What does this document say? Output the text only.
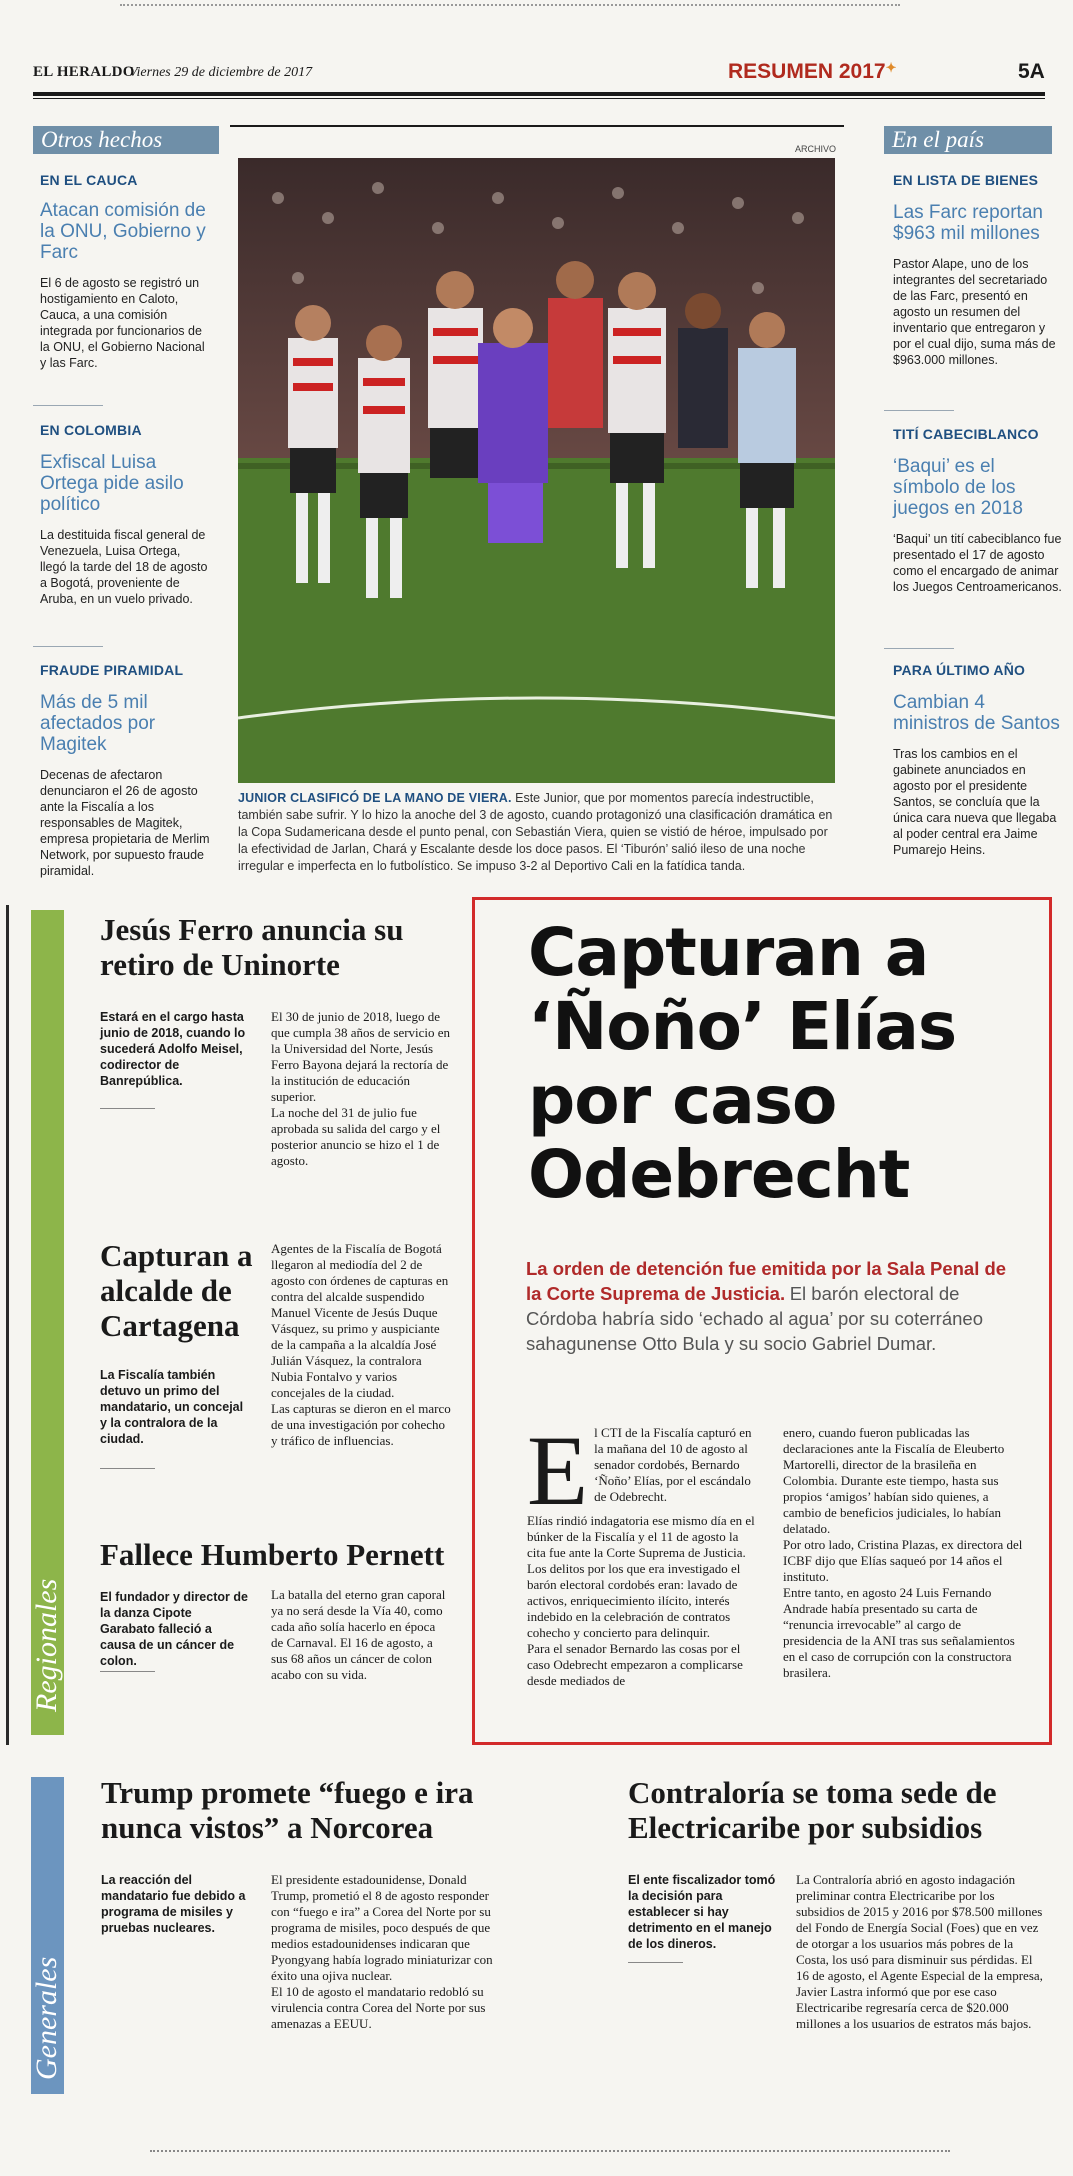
EL HERALDO
Viernes 29 de diciembre de 2017	RESUMEN 2017✦	5A
Otros hechos
EN EL CAUCA
Atacan comisión de la ONU, Gobierno y Farc
El 6 de agosto se registró un hostigamiento en Caloto, Cauca, a una comisión integrada por funcionarios de la ONU, el Gobierno Nacional y las Farc.
EN COLOMBIA
Exfiscal Luisa Ortega pide asilo político
La destituida fiscal general de Venezuela, Luisa Ortega, llegó la tarde del 18 de agosto a Bogotá, proveniente de Aruba, en un vuelo privado.
FRAUDE PIRAMIDAL
Más de 5 mil afectados por Magitek
Decenas de afectaron denunciaron el 26 de agosto ante la Fiscalía a los responsables de Magitek, empresa propietaria de Merlim Network, por supuesto fraude piramidal.
ARCHIVO
JUNIOR CLASIFICÓ DE LA MANO DE VIERA. Este Junior, que por momentos parecía indestructible, también sabe sufrir. Y lo hizo la anoche del 3 de agosto, cuando protagonizó una clasificación dramática en la Copa Sudamericana desde el punto penal, con Sebastián Viera, quien se vistió de héroe, impulsado por la efectividad de Jarlan, Chará y Escalante desde los doce pasos. El ‘Tiburón’ salió ileso de una noche irregular e imperfecta en lo futbolístico. Se impuso 3-2 al Deportivo Cali en la fatídica tanda.
En el país
EN LISTA DE BIENES
Las Farc reportan $963 mil millones
Pastor Alape, uno de los integrantes del secretariado de las Farc, presentó en agosto un resumen del inventario que entregaron y por el cual dijo, suma más de $963.000 millones.
TITÍ CABECIBLANCO
‘Baqui’ es el símbolo de los juegos en 2018
‘Baqui’ un tití cabeciblanco fue presentado el 17 de agosto como el encargado de animar los Juegos Centroamericanos.
PARA ÚLTIMO AÑO
Cambian 4 ministros de Santos
Tras los cambios en el gabinete anunciados en agosto por el presidente Santos, se concluía que la única cara nueva que llegaba al poder central era Jaime Pumarejo Heins.
Regionales
Jesús Ferro anuncia su retiro de Uninorte
Estará en el cargo hasta junio de 2018, cuando lo sucederá Adolfo Meisel, codirector de Banrepública.
El 30 de junio de 2018, luego de que cumpla 38 años de servicio en la Universidad del Norte, Jesús Ferro Bayona dejará la rectoría de la institución de educación superior.
La noche del 31 de julio fue aprobada su salida del cargo y el posterior anuncio se hizo el 1 de agosto.
Capturan a alcalde de Cartagena
La Fiscalía también detuvo un primo del mandatario, un concejal y la contralora de la ciudad.
Agentes de la Fiscalía de Bogotá llegaron al mediodía del 2 de agosto con órdenes de capturas en contra del alcalde suspendido Manuel Vicente de Jesús Duque Vásquez, su primo y auspiciante de la campaña a la alcaldía José Julián Vásquez, la contralora Nubia Fontalvo y varios concejales de la ciudad.
Las capturas se dieron en el marco de una investigación por cohecho y tráfico de influencias.
Fallece Humberto Pernett
El fundador y director de la danza Cipote Garabato falleció a causa de un cáncer de colon.
La batalla del eterno gran caporal ya no será desde la Vía 40, como cada año solía hacerlo en época de Carnaval. El 16 de agosto, a sus 68 años un cáncer de colon acabo con su vida.
Capturan a ‘Ñoño’ Elías por caso Odebrecht
La orden de detención fue emitida por la Sala Penal de la Corte Suprema de Justicia. El barón electoral de Córdoba habría sido ‘echado al agua’ por su coterráneo sahagunense Otto Bula y su socio Gabriel Dumar.
E l CTI de la Fiscalía capturó en la mañana del 10 de agosto al senador cordobés, Bernardo ‘Ñoño’ Elías, por el escándalo de Odebrecht.
Elías rindió indagatoria ese mismo día en el búnker de la Fiscalía y el 11 de agosto la cita fue ante la Corte Suprema de Justicia. Los delitos por los que era investigado el barón electoral cordobés eran: lavado de activos, enriquecimiento ilícito, interés indebido en la celebración de contratos cohecho y concierto para delinquir.
Para el senador Bernardo las cosas por el caso Odebrecht empezaron a complicarse desde mediados de
enero, cuando fueron publicadas las declaraciones ante la Fiscalía de Eleuberto Martorelli, director de la brasileña en Colombia. Durante este tiempo, hasta sus propios ‘amigos’ habían sido quienes, a cambio de beneficios judiciales, lo habían delatado.
Por otro lado, Cristina Plazas, ex directora del ICBF dijo que Elías saqueó por 14 años el instituto.
Entre tanto, en agosto 24 Luis Fernando Andrade había presentado su carta de “renuncia irrevocable” al cargo de presidencia de la ANI tras sus señalamientos en el caso de corrupción con la constructora brasilera.
Generales
Trump promete “fuego e ira nunca vistos” a Norcorea
La reacción del mandatario fue debido a programa de misiles y pruebas nucleares.
El presidente estadounidense, Donald Trump, prometió el 8 de agosto responder con “fuego e ira” a Corea del Norte por su programa de misiles, poco después de que medios estadounidenses indicaran que Pyongyang había logrado miniaturizar con éxito una ojiva nuclear.
El 10 de agosto el mandatario redobló su virulencia contra Corea del Norte por sus amenazas a EEUU.
Contraloría se toma sede de Electricaribe por subsidios
El ente fiscalizador tomó la decisión para establecer si hay detrimento en el manejo de los dineros.
La Contraloría abrió en agosto indagación preliminar contra Electricaribe por los subsidios de 2015 y 2016 por $78.500 millones del Fondo de Energía Social (Foes) que en vez de otorgar a los usuarios más pobres de la Costa, los usó para disminuir sus pérdidas. El 16 de agosto, el Agente Especial de la empresa, Javier Lastra informó que por ese caso Electricaribe regresaría cerca de $20.000 millones a los usuarios de estratos más bajos.
